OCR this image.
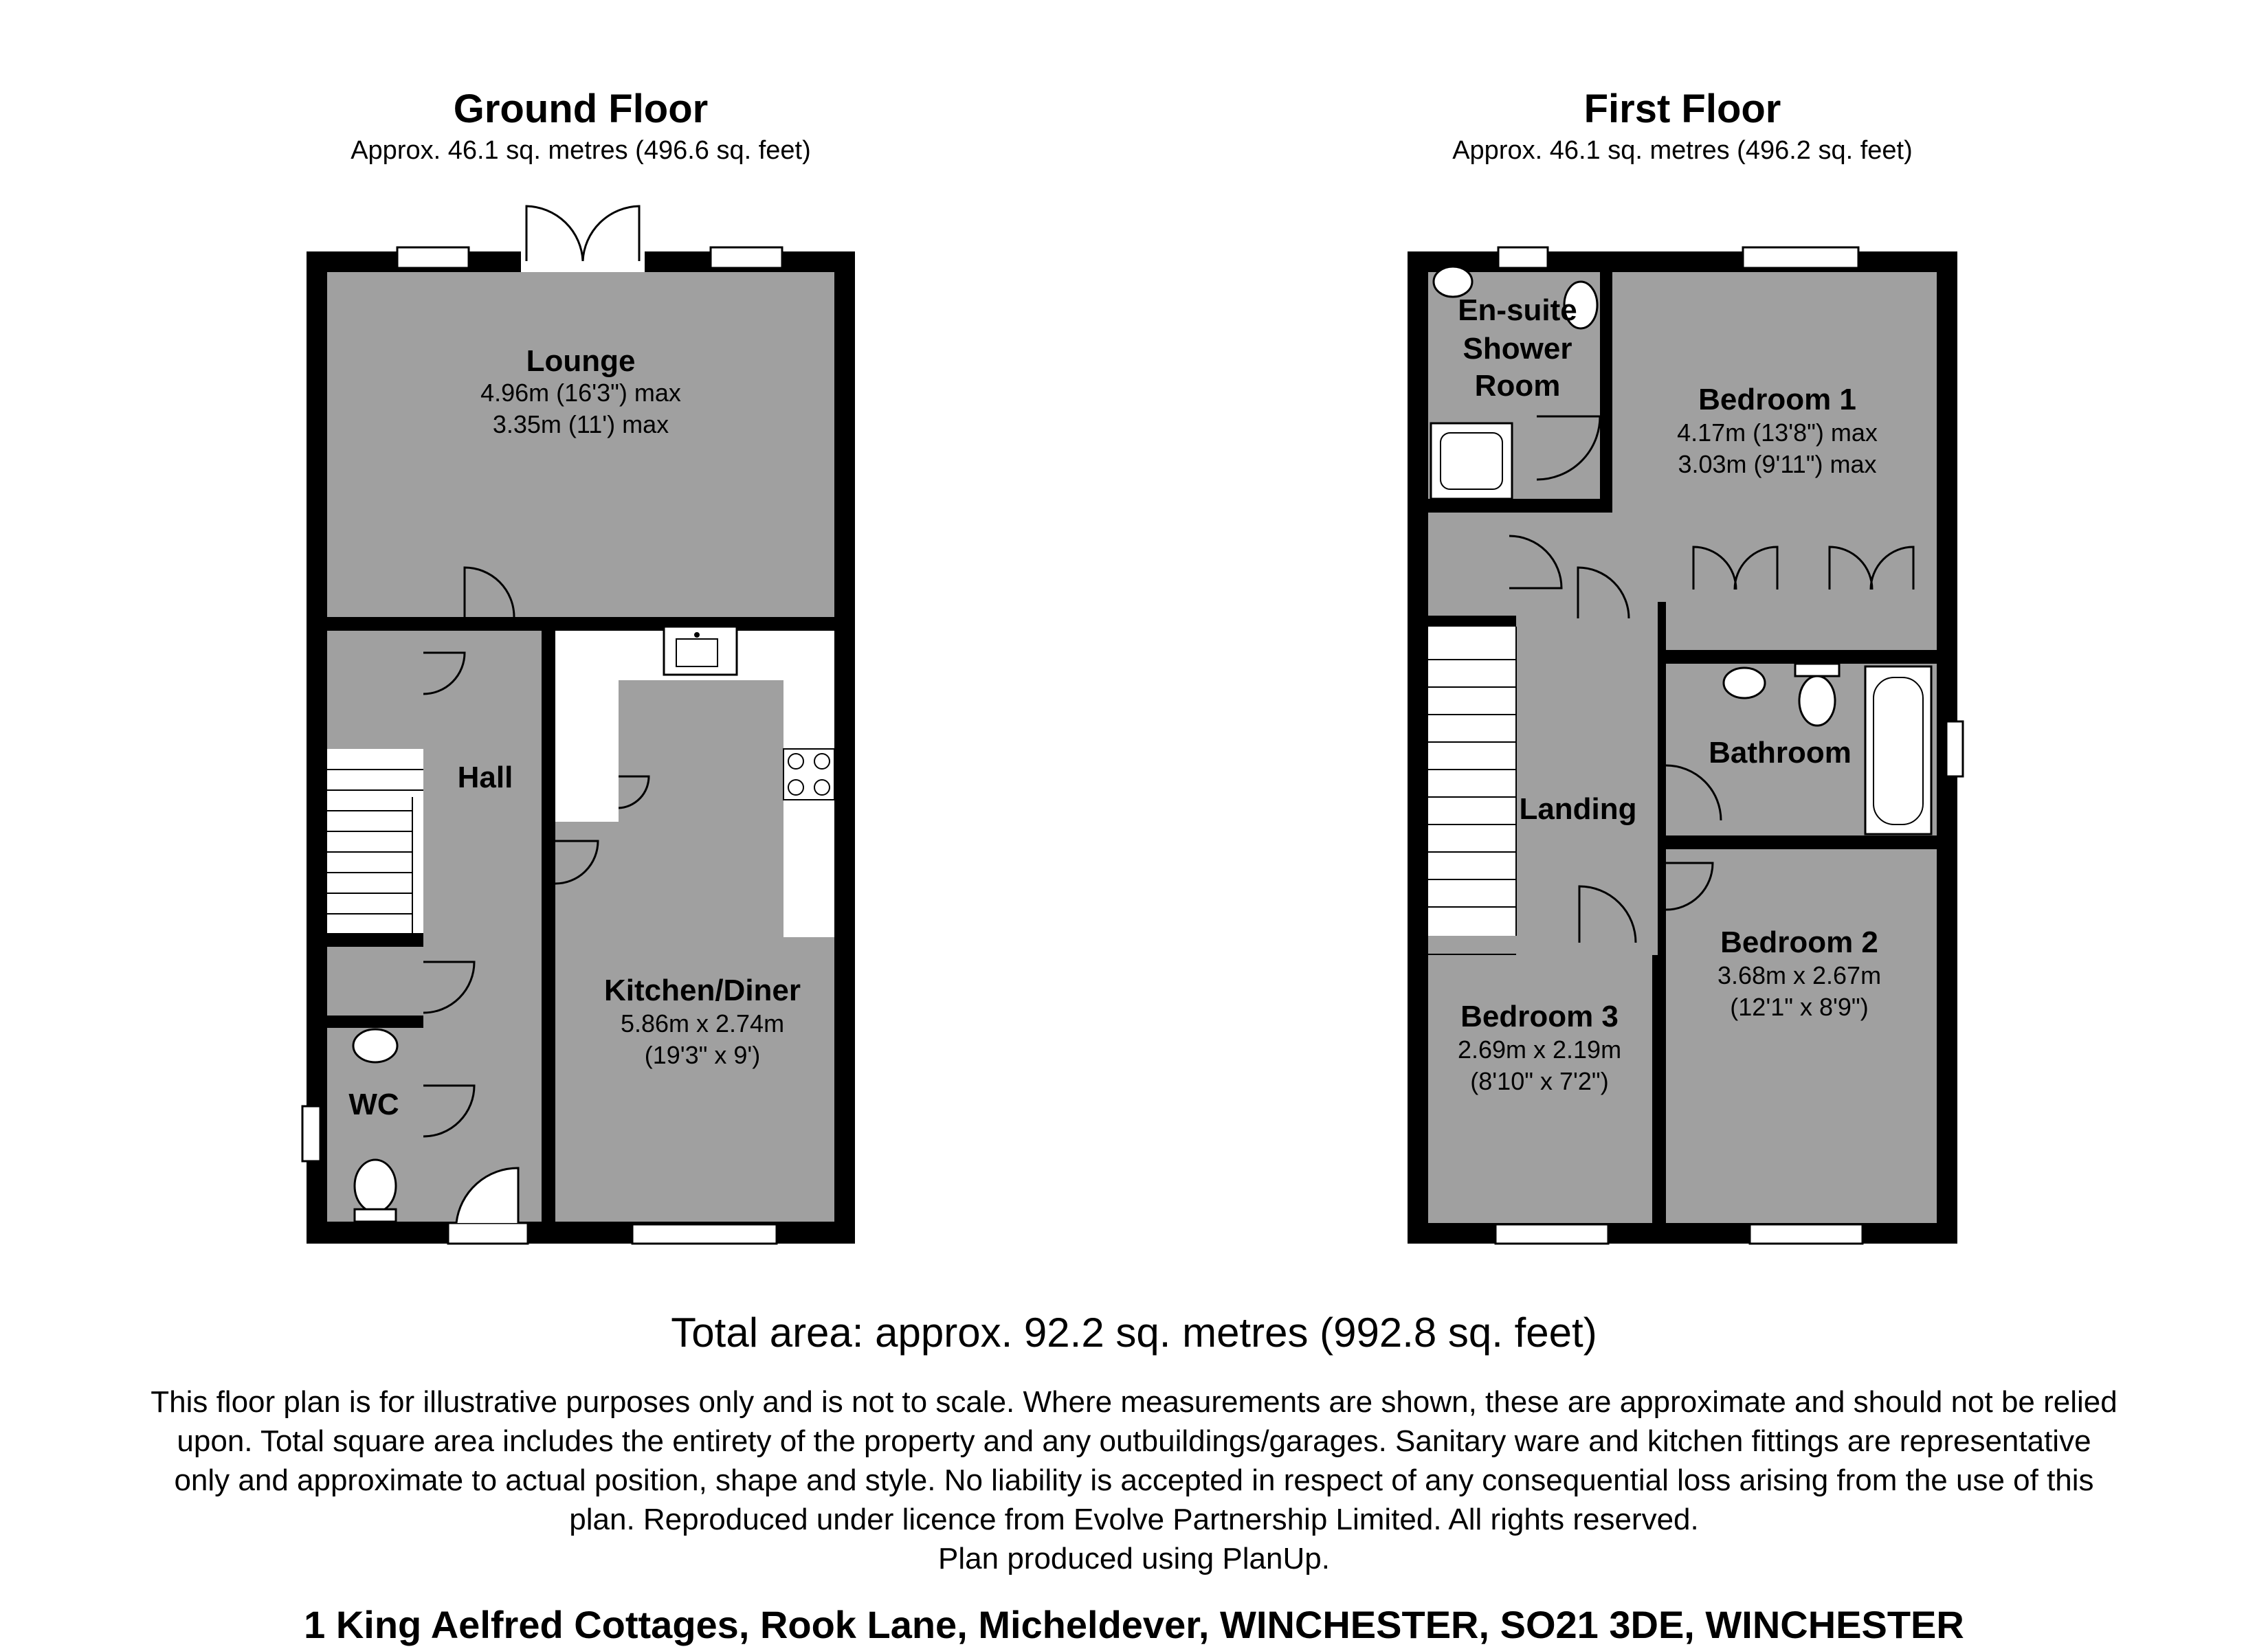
Ground Floor
Approx. 46.1 sq. metres (496.6 sq. feet)
First Floor
Approx. 46.1 sq. metres (496.2 sq. feet)
Lounge
4.96m (16'3") max
3.35m (11') max
Hall
Kitchen/Diner
5.86m x 2.74m
(19'3" x 9')
WC
En-suite
Shower
Room	Bedroom 1
4.17m (13'8") max
3.03m (9'11") max
Bathroom
Landing
Bedroom 2
3.68m x 2.67m
(12'1" x 8'9")
Bedroom 3
2.69m x 2.19m
(8'10" x 7'2")
Total area: approx. 92.2 sq. metres (992.8 sq. feet)
This floor plan is for illustrative purposes only and is not to scale. Where measurements are shown, these are approximate and should not be relied
upon. Total square area includes the entirety of the property and any outbuildings/garages. Sanitary ware and kitchen fittings are representative
only and approximate to actual position, shape and style. No liability is accepted in respect of any consequential loss arising from the use of this
plan. Reproduced under licence from Evolve Partnership Limited. All rights reserved.
Plan produced using PlanUp.
1 King Aelfred Cottages, Rook Lane, Micheldever, WINCHESTER, SO21 3DE, WINCHESTER
